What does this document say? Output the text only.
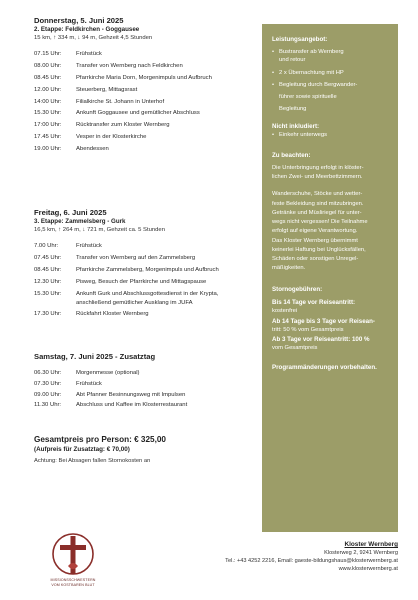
Donnerstag, 5. Juni 2025
2. Etappe: Feldkirchen - Goggausee
15 km, ↑ 334 m, ↓ 94 m, Gehzeit 4,5 Stunden
07.15 Uhr:	Frühstück
08.00 Uhr:	Transfer von Wernberg nach Feldkirchen
08.45 Uhr:	Pfarrkirche Maria Dorn, Morgenimpuls und Aufbruch
12.00 Uhr:	Steuerberg, Mittagsrast
14:00 Uhr:	Filialkirche St. Johann in Unterhof
15.30 Uhr:	Ankunft Goggausee und gemütlicher Abschluss
17:00 Uhr:	Rücktransfer zum Kloster Wernberg
17.45 Uhr:	Vesper in der Klosterkirche
19.00 Uhr:	Abendessen
Freitag, 6. Juni 2025
3. Etappe: Zammelsberg - Gurk
16,5 km, ↑ 264 m, ↓ 721 m, Gehzeit ca. 5 Stunden
7.00 Uhr:	Frühstück
07.45 Uhr:	Transfer von Wernberg auf den Zammelsberg
08.45 Uhr:	Pfarrkirche Zammelsberg, Morgenimpuls und Aufbruch
12.30 Uhr:	Pisweg, Besuch der Pfarrkirche und Mittagspause
15.30 Uhr:	Ankunft Gurk und Abschlussgottesdienst in der Krypta,
anschließend gemütlicher Ausklang im JUFA
17.30 Uhr:	Rückfahrt Kloster Wernberg
Samstag, 7. Juni 2025 - Zusatztag
06.30 Uhr:	Morgenmesse (optional)
07.30 Uhr:	Frühstück
09.00 Uhr:	Abt Pfanner Besinnungsweg mit Impulsen
11.30 Uhr:	Abschluss und Kaffee im Klosterrestaurant
Gesamtpreis pro Person: € 325,00
(Aufpreis für Zusatztag: € 70,00)
Achtung: Bei Absagen fallen Stornokosten an
Leistungsangebot:
• Bustransfer ab Wernberg
und retour
• 2 x Übernachtung mit HP
• Begleitung durch Bergwander-
führer sowie spirituelle
Begleitung
Nicht inkludiert:
• Einkehr unterwegs
Zu beachten:
Die Unterbringung erfolgt in klöster-
lichen Zwei- und Meerbettzimmern.
Wanderschuhe, Stöcke und wetter-
feste Bekleidung sind mitzubringen.
Getränke und Müsliriegel für unter-
wegs nicht vergessen! Die Teilnahme
erfolgt auf eigene Verantwortung.
Das Kloster Wernberg übernimmt
keinerlei Haftung bei Unglücksfällen,
Schäden oder sonstigen Unregel-
mäßigkeiten.
Stornogebühren:
Bis 14 Tage vor Reiseantritt:
kostenfrei
Ab 14 Tage bis 3 Tage vor Reisean-
tritt: 50 % vom Gesamtpreis
Ab 3 Tage vor Reiseantritt: 100 %
vom Gesamtpreis
Programmänderungen vorbehalten.
MISSIONSSCHWESTERN
VOM KOSTBAREN BLUT
Kloster Wernberg
Klosterweg 2, 9241 Wernberg
Tel.: +43 4252 2216, Email: gaeste-bildungshaus@klosterwernberg.at
www.klosterwernberg.at
